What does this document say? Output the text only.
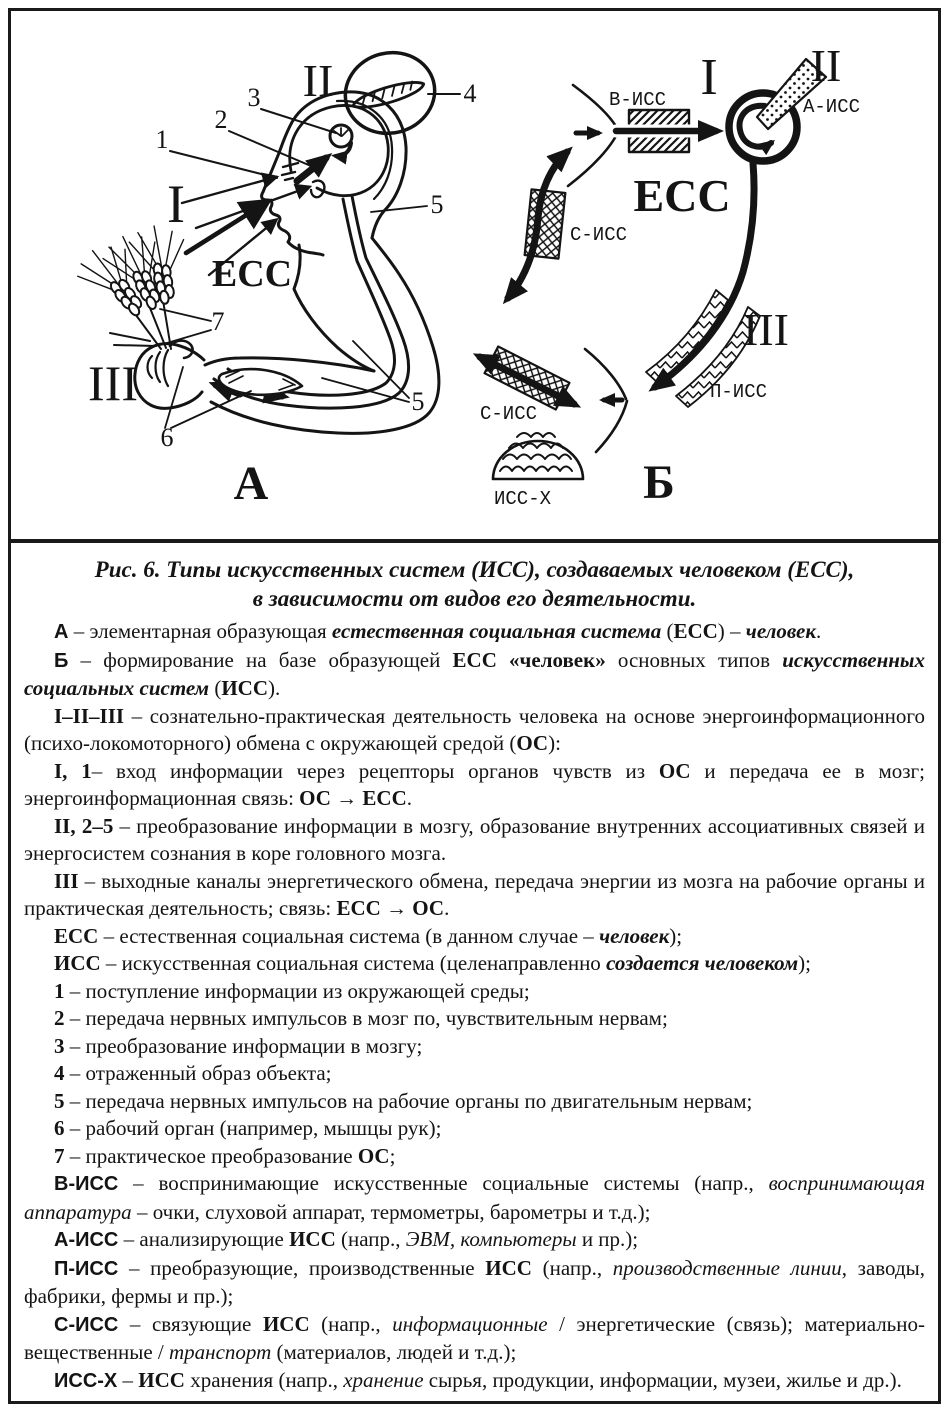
II
3
2
1
4
I
ЕСС
7
III
6
5
5
А
I II
В-ИСС	А-ИСС
ЕСС
С-ИСС
III
П-ИСС
С-ИСС
ИСС-Х Б
Рис. 6. Типы искусственных систем (ИСС), создаваемых человеком (ЕСС),
в зависимости от видов его деятельности.

А – элементарная образующая естественная социальная система (ЕСС) – человек.

Б – формирование на базе образующей ЕСС «человек» основных типов искусственных социальных систем (ИСС).

I–II–III – сознательно-практическая деятельность человека на основе энергоинформационного (психо-локомоторного) обмена с окружающей средой (ОС):

I, 1– вход информации через рецепторы органов чувств из ОС и передача ее в мозг; энергоинформационная связь: ОС → ЕСС.

II, 2–5 – преобразование информации в мозгу, образование внутренних ассоциативных связей и энергосистем сознания в коре головного мозга.

III – выходные каналы энергетического обмена, передача энергии из мозга на рабочие органы и практическая деятельность; связь: ЕСС → ОС.

ЕСС – естественная социальная система (в данном случае – человек);

ИСС – искусственная социальная система (целенаправленно создается человеком);

1 – поступление информации из окружающей среды;

2 – передача нервных импульсов в мозг по, чувствительным нервам;

3 – преобразование информации в мозгу;

4 – отраженный образ объекта;

5 – передача нервных импульсов на рабочие органы по двигательным нервам;

6 – рабочий орган (например, мышцы рук);

7 – практическое преобразование ОС;

В-ИСС – воспринимающие искусственные социальные системы (напр., воспринимающая аппаратура – очки, слуховой аппарат, термометры, барометры и т.д.);

А-ИСС – анализирующие ИСС (напр., ЭВМ, компьютеры и пр.);

П-ИСС – преобразующие, производственные ИСС (напр., производственные линии, заводы, фабрики, фермы и пр.);

С-ИСС – связующие ИСС (напр., информационные / энергетические (связь); материально-вещественные / транспорт (материалов, людей и т.д.);

ИСС-Х – ИСС хранения (напр., хранение сырья, продукции, информации, музеи, жилье и др.).
